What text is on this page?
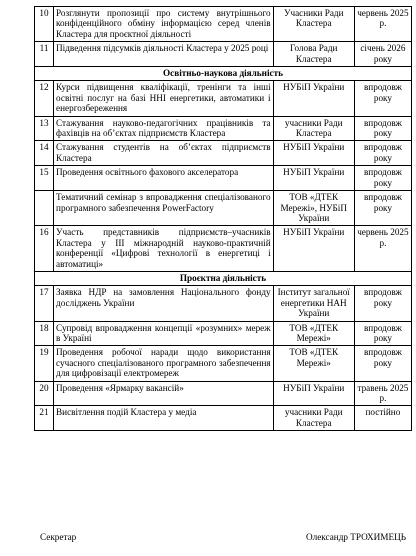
10	Розглянути пропозиції про систему внутрішнього конфіденційного обміну інформацією серед членів Кластера для проєктної діяльності	Учасники Ради Кластера	червень 2025 р.
11	Підведення підсумків діяльності Кластера у 2025 році	Голова Ради Кластера	січень 2026 року
Освітньо-наукова діяльність			
12	Курси підвищення кваліфікації, тренінги та інші освітні послуг на базі ННІ енергетики, автоматики і енергозбереження	НУБіП України	впродовж року
13	Стажування науково-педагогічних працівників та фахівців на об’єктах підприємств Кластера	учасники Ради Кластера	впродовж року
14	Стажування студентів на об’єктах підприємств Кластера	НУБіП України	впродовж року
15	Проведення освітнього фахового акселератора	НУБіП України	впродовж року
	Тематичний семінар з впровадження спеціалізованого програмного забезпечення PowerFactory	ТОВ «ДТЕК Мережі», НУБіП України	впродовж року
16	Участь представників підприємств–учасників Кластера у ІІІ міжнародній науково-практичній конференції «Цифрові технології в енергетиці і автоматиці»	НУБіП України	червень 2025 р.
Проєктна діяльність			
17	Заявка НДР на замовлення Національного фонду досліджень України	Інститут загальної енергетики НАН України	впродовж року
18	Супровід впровадження концепції «розумних» мереж в Україні	ТОВ «ДТЕК Мережі»	впродовж року
19	Проведення робочої наради щодо використання сучасного спеціалізованого програмного забезпечення для цифровізації електромереж	ТОВ «ДТЕК Мережі»	впродовж року
20	Проведення «Ярмарку вакансій»	НУБіП України	травень 2025 р.
21	Висвітлення подій Кластера у медіа	учасники Ради Кластера	постійно
Секретар	Олександр ТРОХИМЕЦЬ
